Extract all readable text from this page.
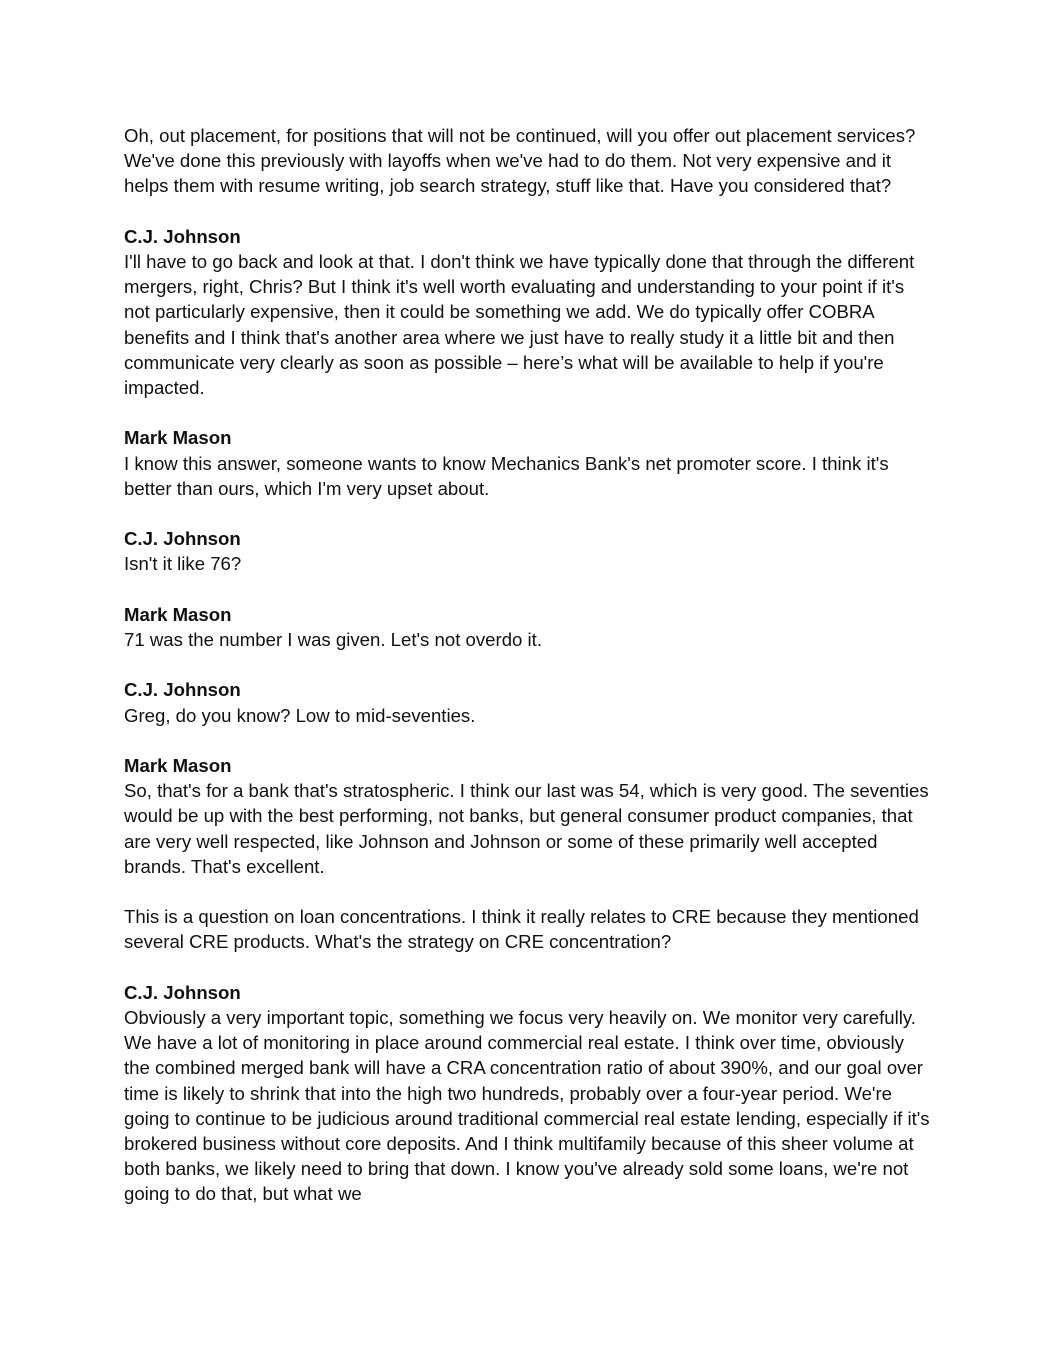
Oh, out placement, for positions that will not be continued, will you offer out placement services? We've done this previously with layoffs when we've had to do them. Not very expensive and it helps them with resume writing, job search strategy, stuff like that. Have you considered that?

C.J. Johnson

I'll have to go back and look at that. I don't think we have typically done that through the different mergers, right, Chris? But I think it's well worth evaluating and understanding to your point if it's not particularly expensive, then it could be something we add. We do typically offer COBRA benefits and I think that's another area where we just have to really study it a little bit and then communicate very clearly as soon as possible – here’s what will be available to help if you're impacted.

Mark Mason

I know this answer, someone wants to know Mechanics Bank's net promoter score. I think it's better than ours, which I'm very upset about.

C.J. Johnson

Isn't it like 76?

Mark Mason

71 was the number I was given. Let's not overdo it.

C.J. Johnson

Greg, do you know? Low to mid-seventies.

Mark Mason

So, that's for a bank that's stratospheric. I think our last was 54, which is very good. The seventies would be up with the best performing, not banks, but general consumer product companies, that are very well respected, like Johnson and Johnson or some of these primarily well accepted brands. That's excellent.

This is a question on loan concentrations. I think it really relates to CRE because they mentioned several CRE products. What's the strategy on CRE concentration?

C.J. Johnson

Obviously a very important topic, something we focus very heavily on. We monitor very carefully. We have a lot of monitoring in place around commercial real estate. I think over time, obviously the combined merged bank will have a CRA concentration ratio of about 390%, and our goal over time is likely to shrink that into the high two hundreds, probably over a four-year period. We're going to continue to be judicious around traditional commercial real estate lending, especially if it's brokered business without core deposits. And I think multifamily because of this sheer volume at both banks, we likely need to bring that down. I know you've already sold some loans, we're not going to do that, but what we
